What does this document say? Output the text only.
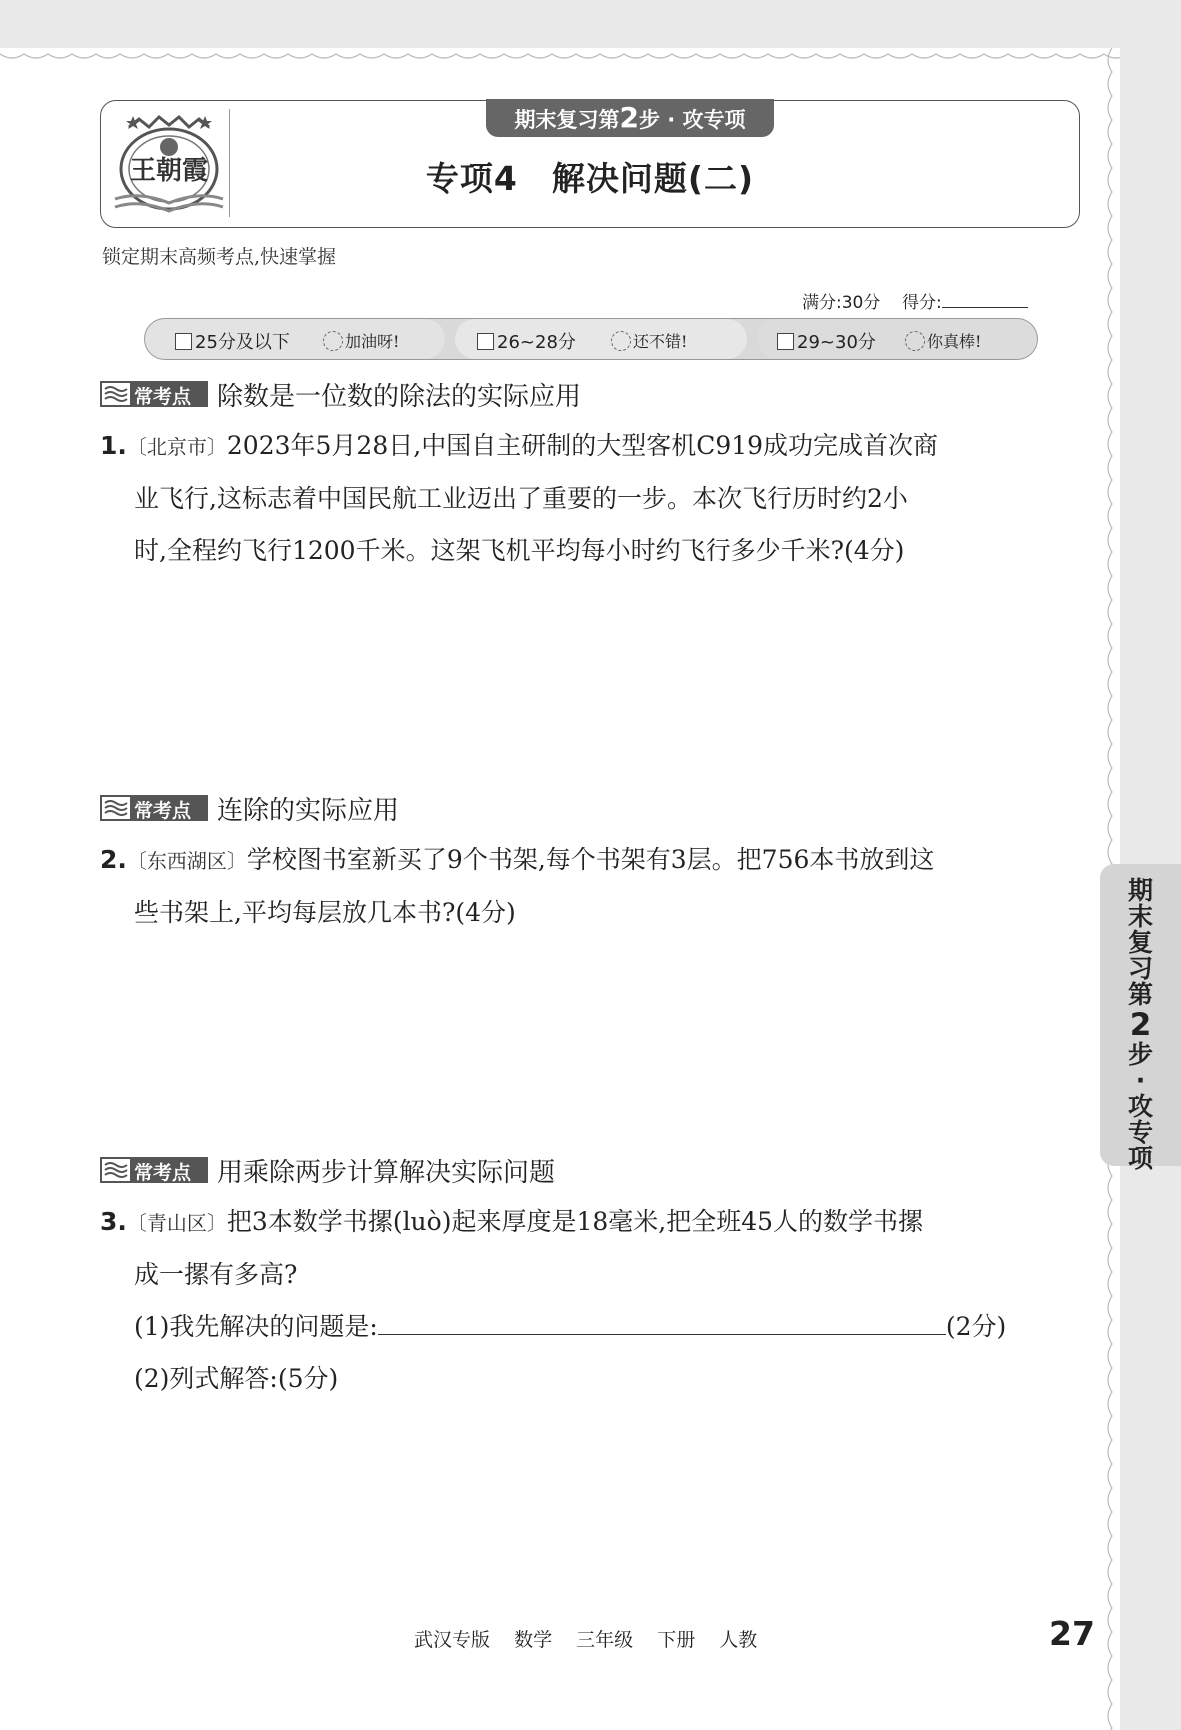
王朝霞
期末复习第2步 · 攻专项
专项4　解决问题(二)
锁定期末高频考点,快速掌握
满分:30分 得分:
25分及以下	加油呀!	26~28分	还不错!	29~30分	你真棒!
常考点 除数是一位数的除法的实际应用
1.〔北京市〕2023年5月28日,中国自主研制的大型客机C919成功完成首次商
业飞行,这标志着中国民航工业迈出了重要的一步。本次飞行历时约2小
时,全程约飞行1200千米。这架飞机平均每小时约飞行多少千米?(4分)
常考点 连除的实际应用
2.〔东西湖区〕学校图书室新买了9个书架,每个书架有3层。把756本书放到这
些书架上,平均每层放几本书?(4分)
常考点 用乘除两步计算解决实际问题
3.〔青山区〕把3本数学书摞(luò)起来厚度是18毫米,把全班45人的数学书摞
成一摞有多高?
(1)我先解决的问题是:	(2分)
(2)列式解答:(5分)
期
末
复
习
第
2
步
·
攻
专
项
武汉专版 数学 三年级 下册 人教	27
